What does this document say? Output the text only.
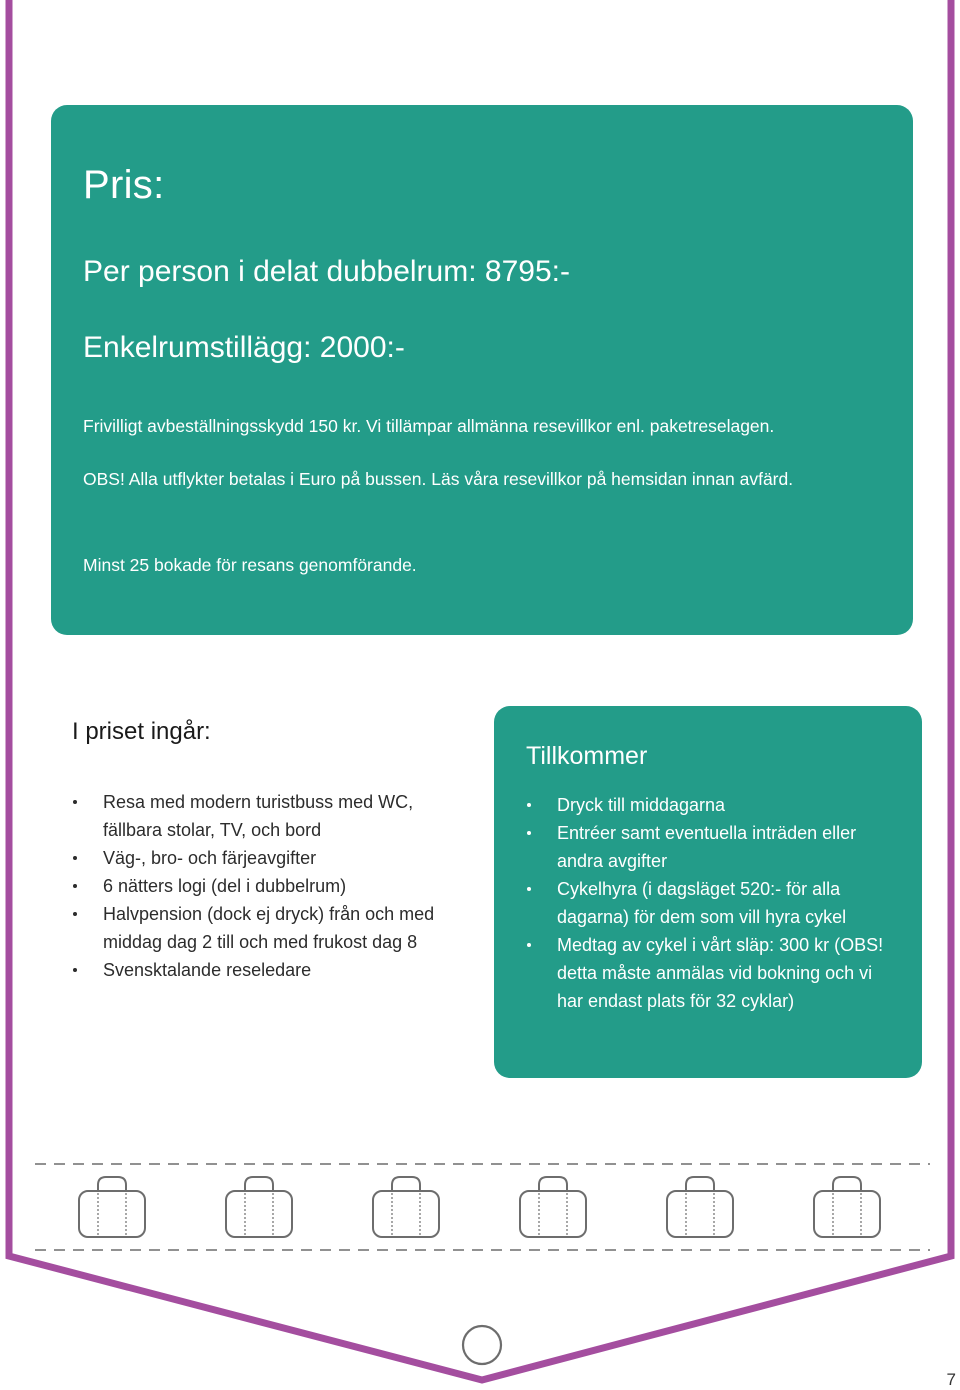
Pris:

Per person i delat dubbelrum: 8795:-

Enkelrumstillägg: 2000:-

Frivilligt avbeställningsskydd 150 kr. Vi tillämpar allmänna resevillkor enl. paketreselagen.

OBS! Alla utflykter betalas i Euro på bussen. Läs våra resevillkor på hemsidan innan avfärd.

Minst 25 bokade för resans genomförande.

I priset ingår:
Resa med modern turistbuss med WC, fällbara stolar, TV, och bord
Väg-, bro- och färjeavgifter
6 nätters logi (del i dubbelrum)
Halvpension (dock ej dryck) från och med middag dag 2 till och med frukost dag 8
Svensktalande reseledare
Tillkommer
Dryck till middagarna
Entréer samt eventuella inträden eller andra avgifter
Cykelhyra (i dagsläget 520:- för alla dagarna) för dem som vill hyra cykel
Medtag av cykel i vårt släp: 300 kr (OBS! detta måste anmälas vid bokning och vi har endast plats för 32 cyklar)
7
